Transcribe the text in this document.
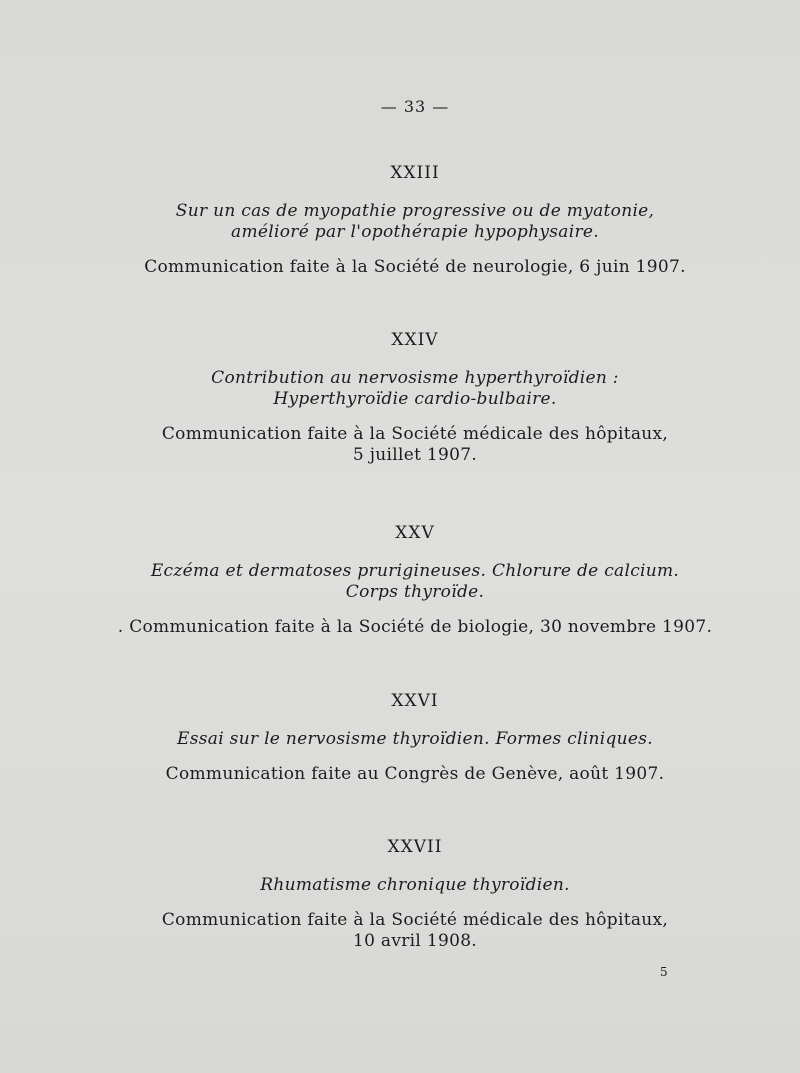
— 33 —
XXIII
Sur un cas de myopathie progressive ou de myatonie,
amélioré par l'opothérapie hypophysaire.
Communication faite à la Société de neurologie, 6 juin 1907.
XXIV
Contribution au nervosisme hyperthyroïdien :
Hyperthyroïdie cardio-bulbaire.
Communication faite à la Société médicale des hôpitaux,
5 juillet 1907.
XXV
Eczéma et dermatoses prurigineuses. Chlorure de calcium.
Corps thyroïde.
. Communication faite à la Société de biologie, 30 novembre 1907.
XXVI
Essai sur le nervosisme thyroïdien. Formes cliniques.
Communication faite au Congrès de Genève, août 1907.
XXVII
Rhumatisme chronique thyroïdien.
Communication faite à la Société médicale des hôpitaux,
10 avril 1908.
5
